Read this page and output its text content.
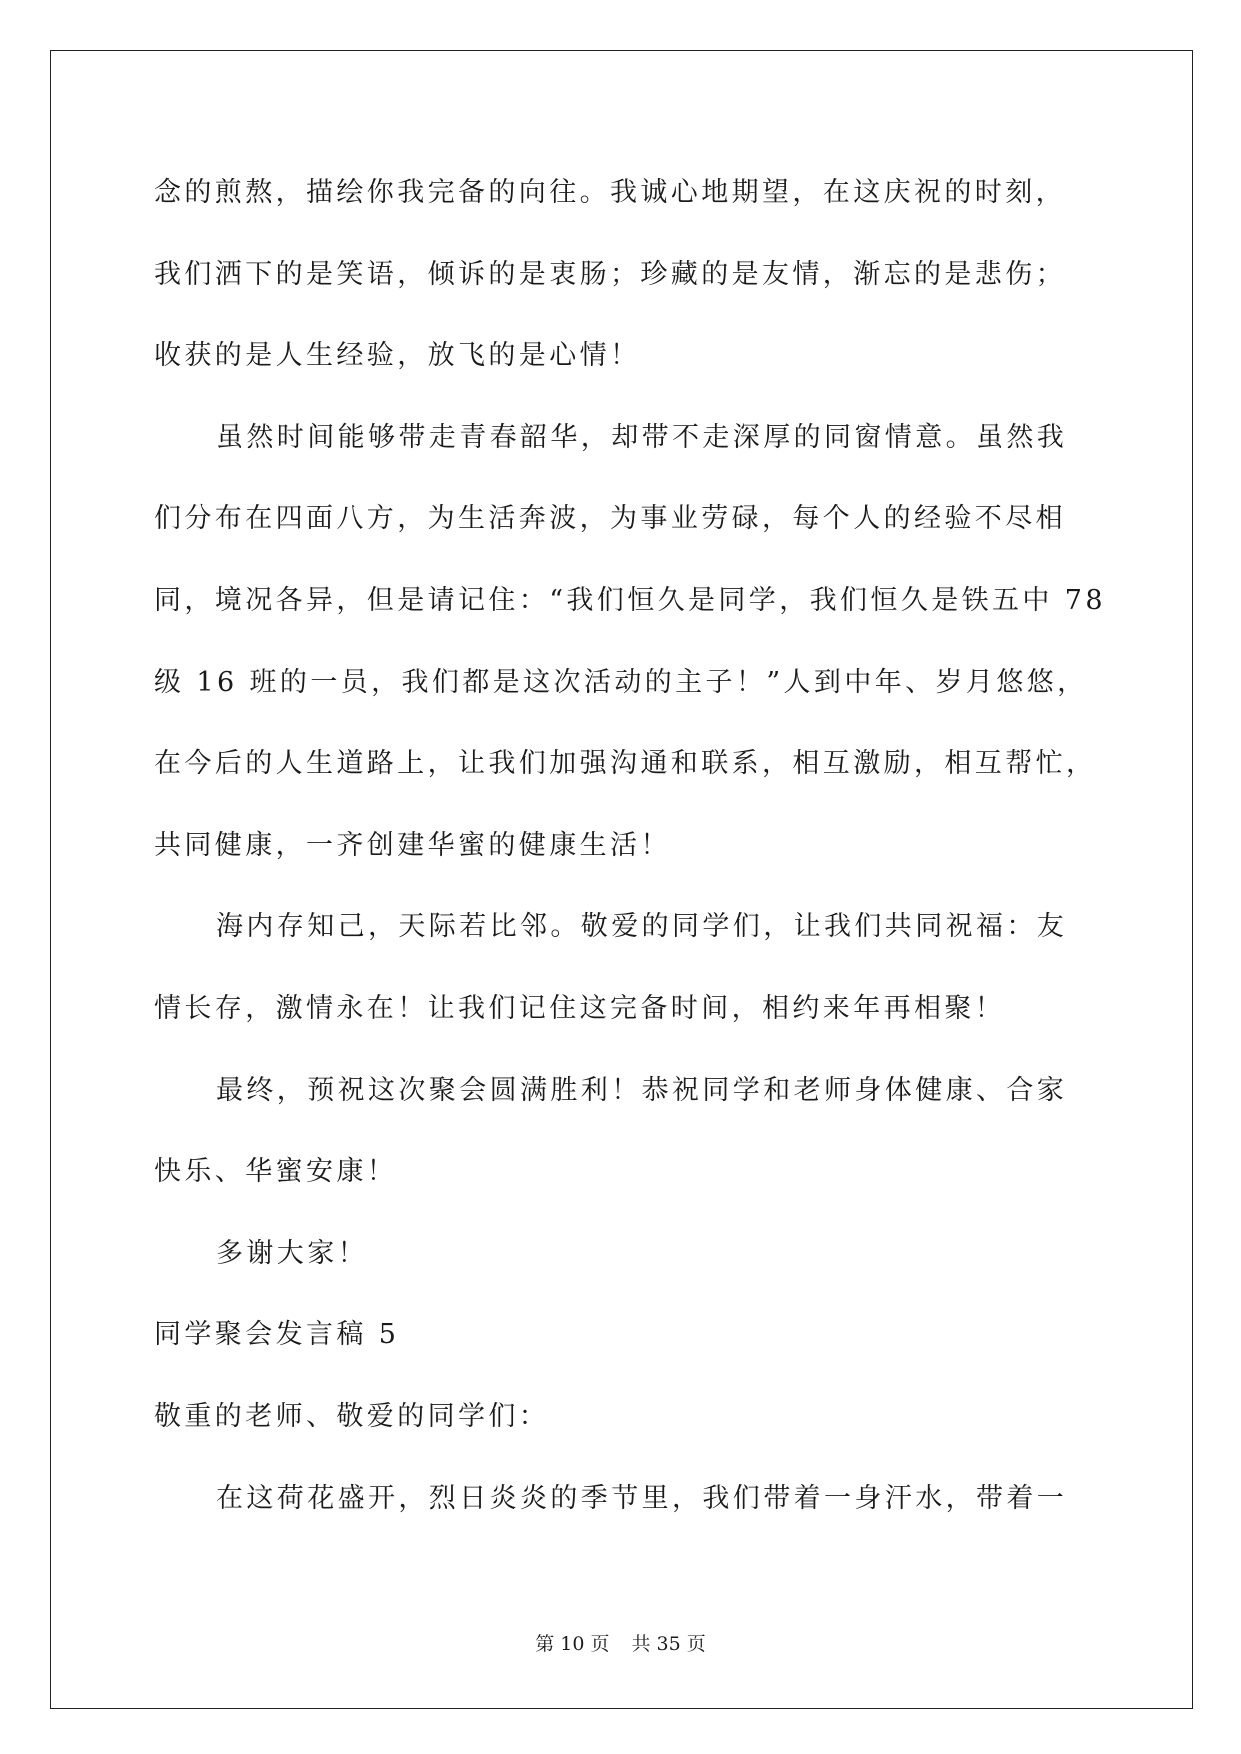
念的煎熬，描绘你我完备的向往。我诚心地期望，在这庆祝的时刻，
我们洒下的是笑语，倾诉的是衷肠；珍藏的是友情，渐忘的是悲伤；
收获的是人生经验，放飞的是心情！
虽然时间能够带走青春韶华，却带不走深厚的同窗情意。虽然我
们分布在四面八方，为生活奔波，为事业劳碌，每个人的经验不尽相
同，境况各异，但是请记住：“我们恒久是同学，我们恒久是铁五中 78
级 16 班的一员，我们都是这次活动的主子！”人到中年、岁月悠悠，
在今后的人生道路上，让我们加强沟通和联系，相互激励，相互帮忙，
共同健康，一齐创建华蜜的健康生活！
海内存知己，天际若比邻。敬爱的同学们，让我们共同祝福：友
情长存，激情永在！让我们记住这完备时间，相约来年再相聚！
最终，预祝这次聚会圆满胜利！恭祝同学和老师身体健康、合家
快乐、华蜜安康！
多谢大家！
同学聚会发言稿 5
敬重的老师、敬爱的同学们：
在这荷花盛开，烈日炎炎的季节里，我们带着一身汗水，带着一
第 10 页 共 35 页
